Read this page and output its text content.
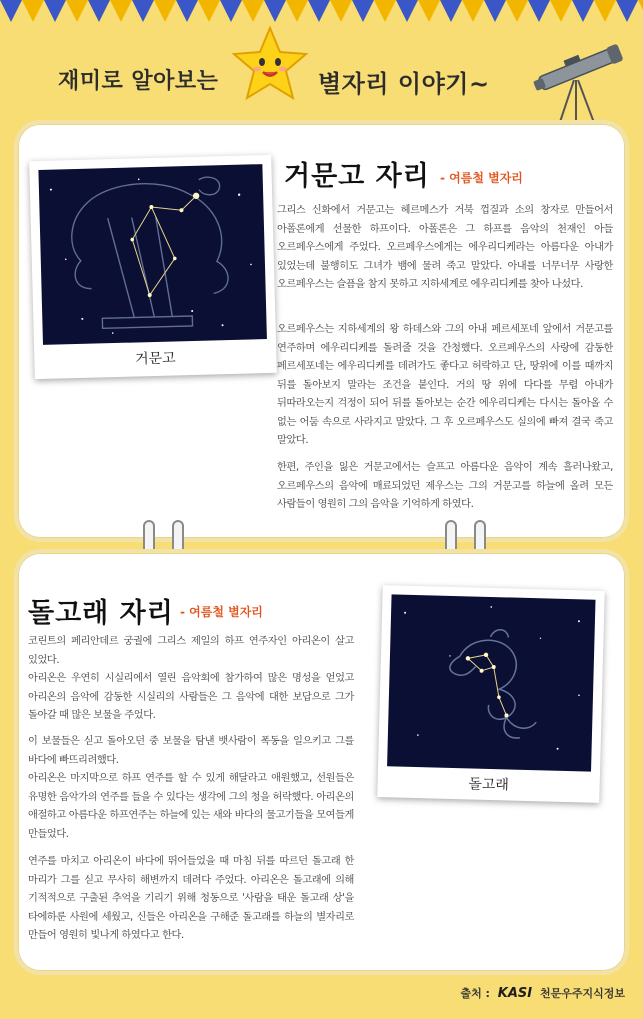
재미로 알아보는	별자리 이야기~
거문고
거문고 자리 - 여름철 별자리

그리스 신화에서 거문고는 헤르메스가 거북 껍질과 소의 창자로 만들어서 아폴론에게 선물한 하프이다. 아폴론은 그 하프를 음악의 천재인 아들 오르페우스에게 주었다. 오르페우스에게는 에우리디케라는 아름다운 아내가 있었는데 불행히도 그녀가 뱀에 물려 죽고 말았다. 아내를 너무너무 사랑한 오르페우스는 슬픔을 참지 못하고 지하세계로 에우리디케를 찾아 나섰다.

오르페우스는 지하세계의 왕 하데스와 그의 아내 페르세포네 앞에서 거문고를 연주하며 에우리디케를 돌려줄 것을 간청했다. 오르페우스의 사랑에 감동한 페르세포네는 에우리디케를 데려가도 좋다고 허락하고 단, 땅위에 이를 때까지 뒤를 돌아보지 말라는 조건을 붙인다. 거의 땅 위에 다다를 무렵 아내가 뒤따라오는지 걱정이 되어 뒤를 돌아보는 순간 에우리디케는 다시는 돌아올 수 없는 어둠 속으로 사라지고 말았다. 그 후 오르페우스도 실의에 빠져 결국 죽고 말았다.

한편, 주인을 잃은 거문고에서는 슬프고 아름다운 음악이 계속 흘러나왔고, 오르페우스의 음악에 매료되었던 제우스는 그의 거문고를 하늘에 올려 모든 사람들이 영원히 그의 음악을 기억하게 하였다.

돌고래 자리 - 여름철 별자리

코린트의 페리안데르 궁궐에 그리스 제일의 하프 연주자인 아리온이 살고 있었다.
아리온은 우연히 시실리에서 열린 음악회에 참가하여 많은 명성을 얻었고 아리온의 음악에 감동한 시실리의 사람들은 그 음악에 대한 보답으로 그가 돌아갈 때 많은 보물을 주었다.

이 보물들은 싣고 돌아오던 중 보물을 탐낸 뱃사람이 폭동을 일으키고 그를 바다에 빠뜨리려했다.
아리온은 마지막으로 하프 연주를 할 수 있게 해달라고 애원했고, 선원들은 유명한 음악가의 연주를 들을 수 있다는 생각에 그의 청을 허락했다. 아리온의 애절하고 아름다운 하프연주는 하늘에 있는 새와 바다의 물고기들을 모여들게 만들었다.

연주를 마치고 아리온이 바다에 뛰어들었을 때 마침 뒤를 따르던 돌고래 한 마리가 그를 싣고 무사히 해변까지 데려다 주었다. 아리온은 돌고래에 의해 기적적으로 구출된 추억을 기리기 위해 청동으로 '사람을 태운 돌고래 상'을 타에하룬 사원에 세웠고, 신들은 아리온을 구해준 돌고래를 하늘의 별자리로 만들어 영원히 빛나게 하였다고 한다.

돌고래
출처 : KASI 천문우주지식정보
